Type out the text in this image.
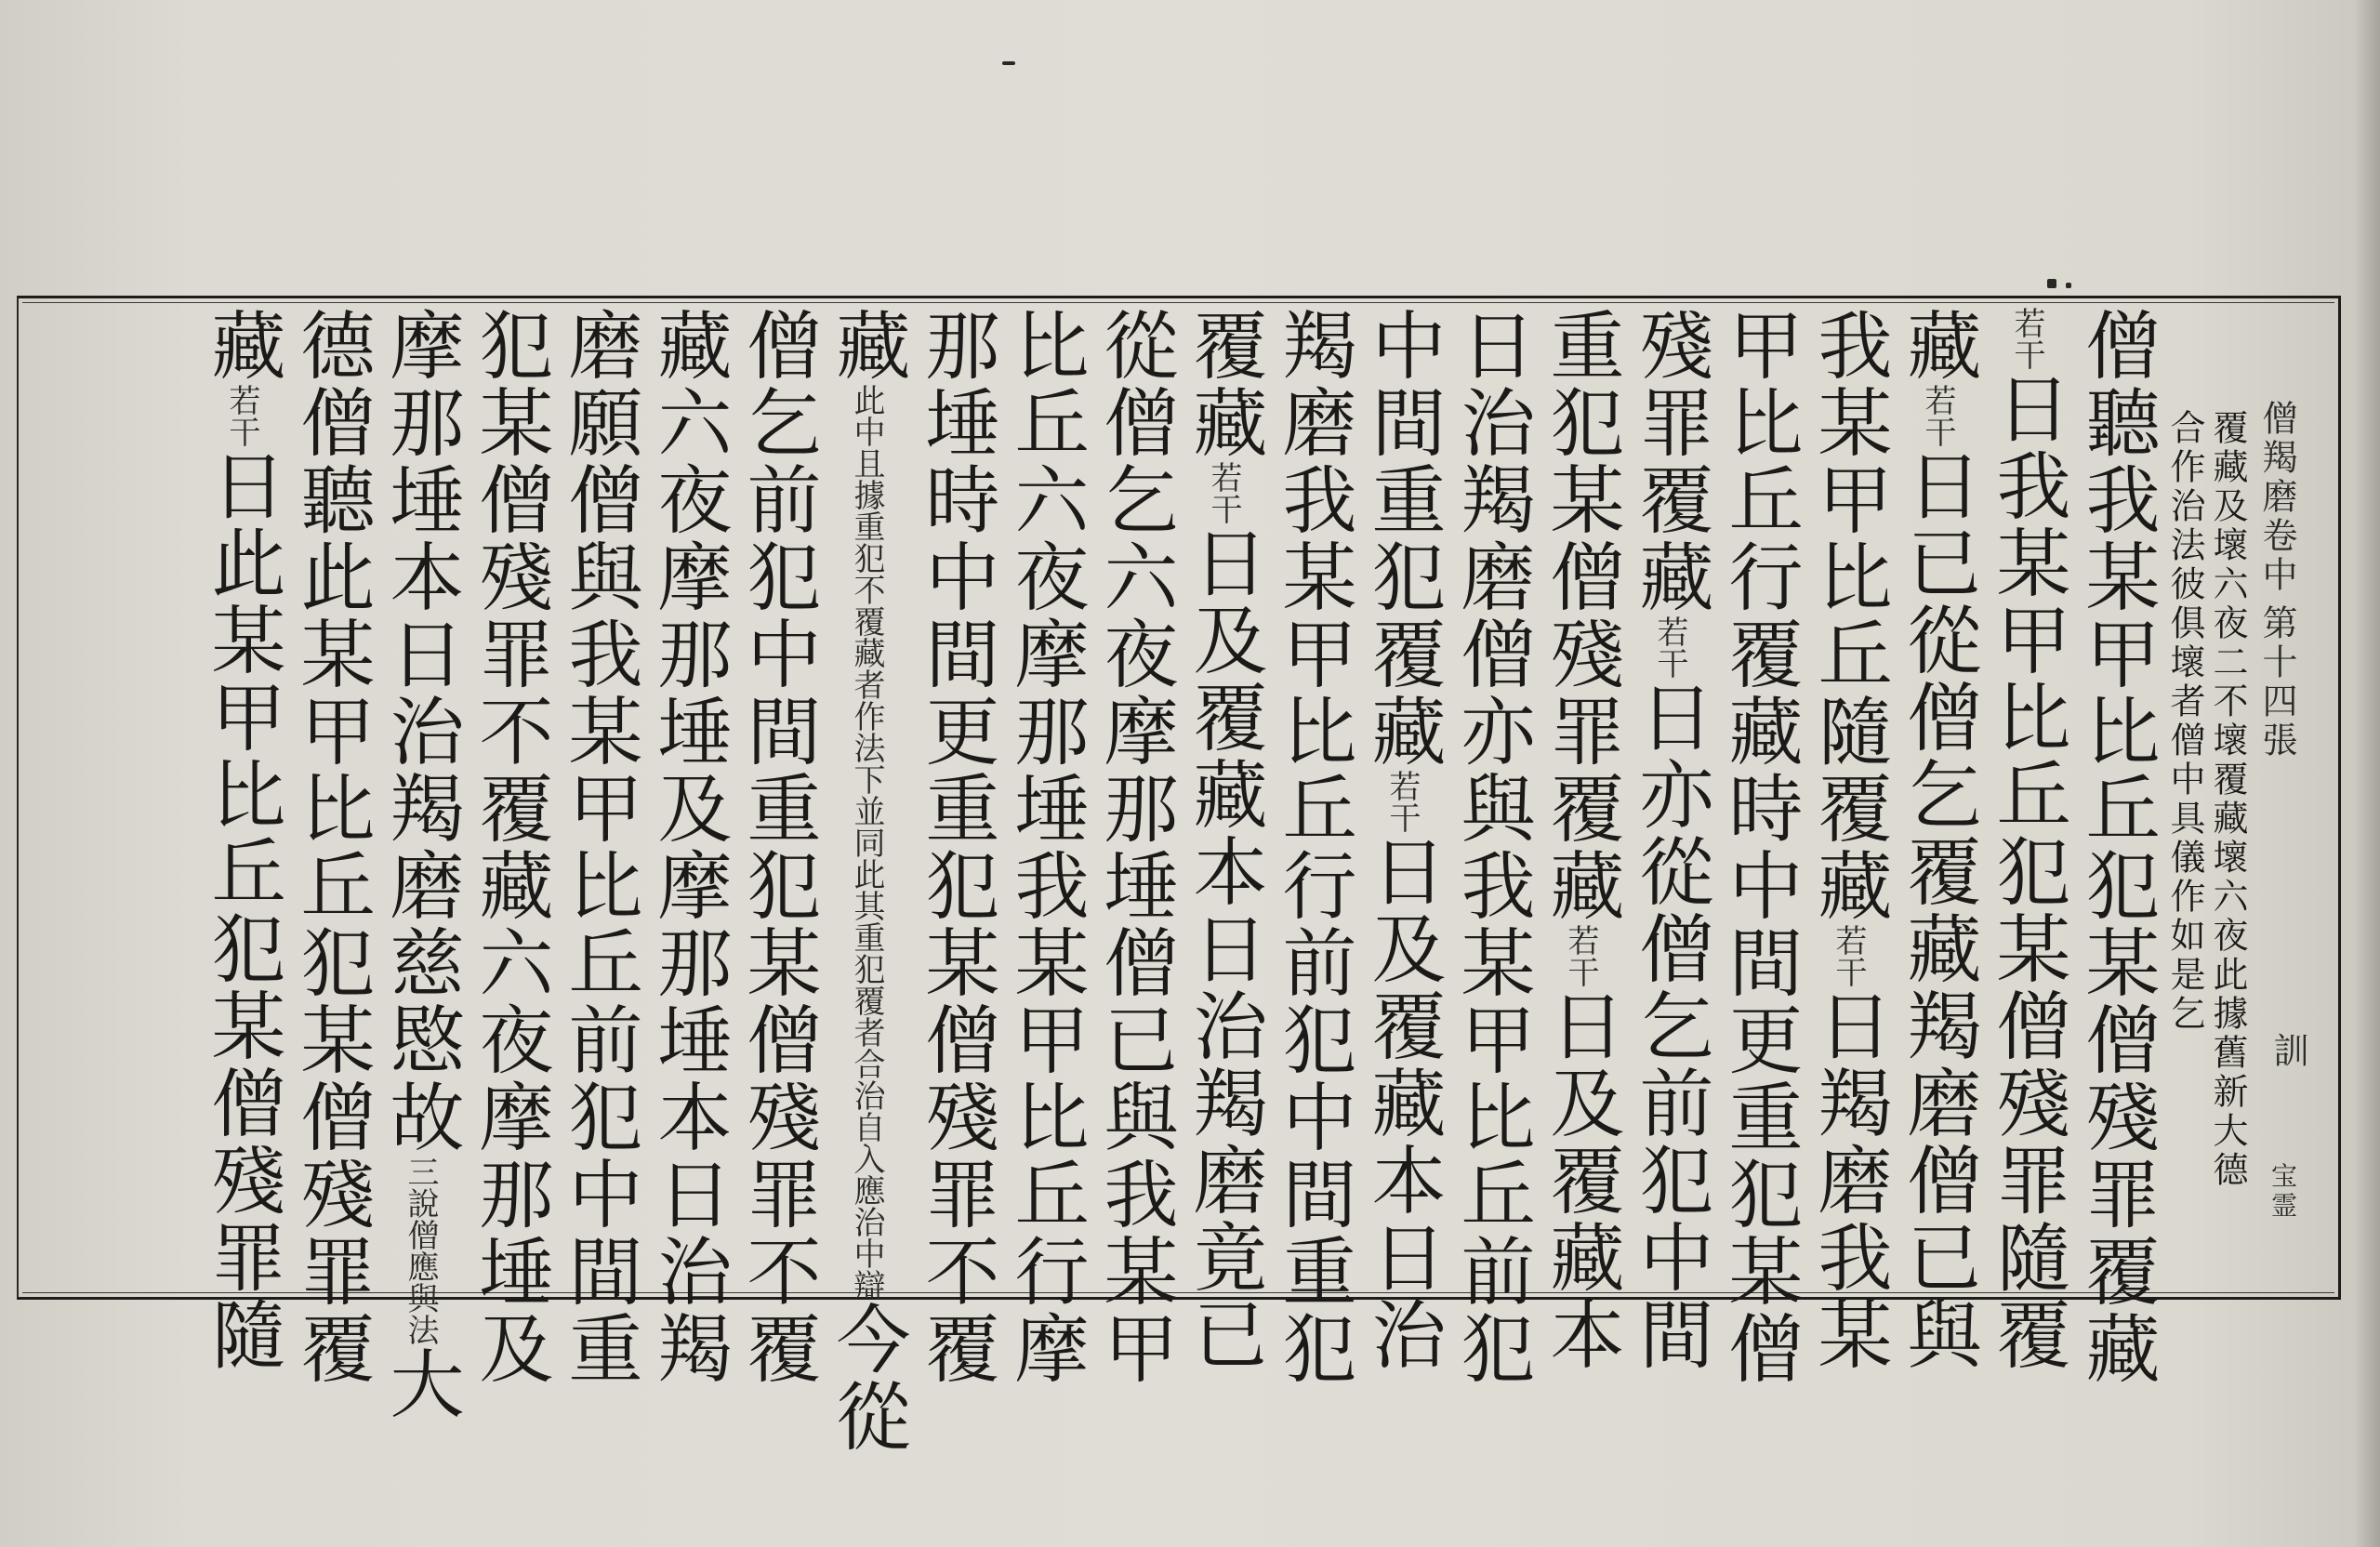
僧羯磨卷中
第十四張
訓
宝霊
覆藏及壞六夜二不壞覆藏壞六夜此據舊新大德
合作治法彼俱壞者僧中具儀作如是乞
僧聽我某甲比丘犯某僧殘罪覆藏
若干日我某甲比丘犯某僧殘罪隨覆
藏若干日已從僧乞覆藏羯磨僧已與
我某甲比丘隨覆藏若干日羯磨我某
甲比丘行覆藏時中間更重犯某僧
殘罪覆藏若干日亦從僧乞前犯中間
重犯某僧殘罪覆藏若干日及覆藏本
日治羯磨僧亦與我某甲比丘前犯
中間重犯覆藏若干日及覆藏本日治
羯磨我某甲比丘行前犯中間重犯
覆藏若干日及覆藏本日治羯磨竟已
從僧乞六夜摩那埵僧已與我某甲
比丘六夜摩那埵我某甲比丘行摩
那埵時中間更重犯某僧殘罪不覆
藏此中且據重犯不覆藏者作法下並同此其重犯覆者合治自入應治中辯今從
僧乞前犯中間重犯某僧殘罪不覆
藏六夜摩那埵及摩那埵本日治羯
磨願僧與我某甲比丘前犯中間重
犯某僧殘罪不覆藏六夜摩那埵及
摩那埵本日治羯磨慈愍故三說僧應與法大
德僧聽此某甲比丘犯某僧殘罪覆
藏若干日此某甲比丘犯某僧殘罪隨
